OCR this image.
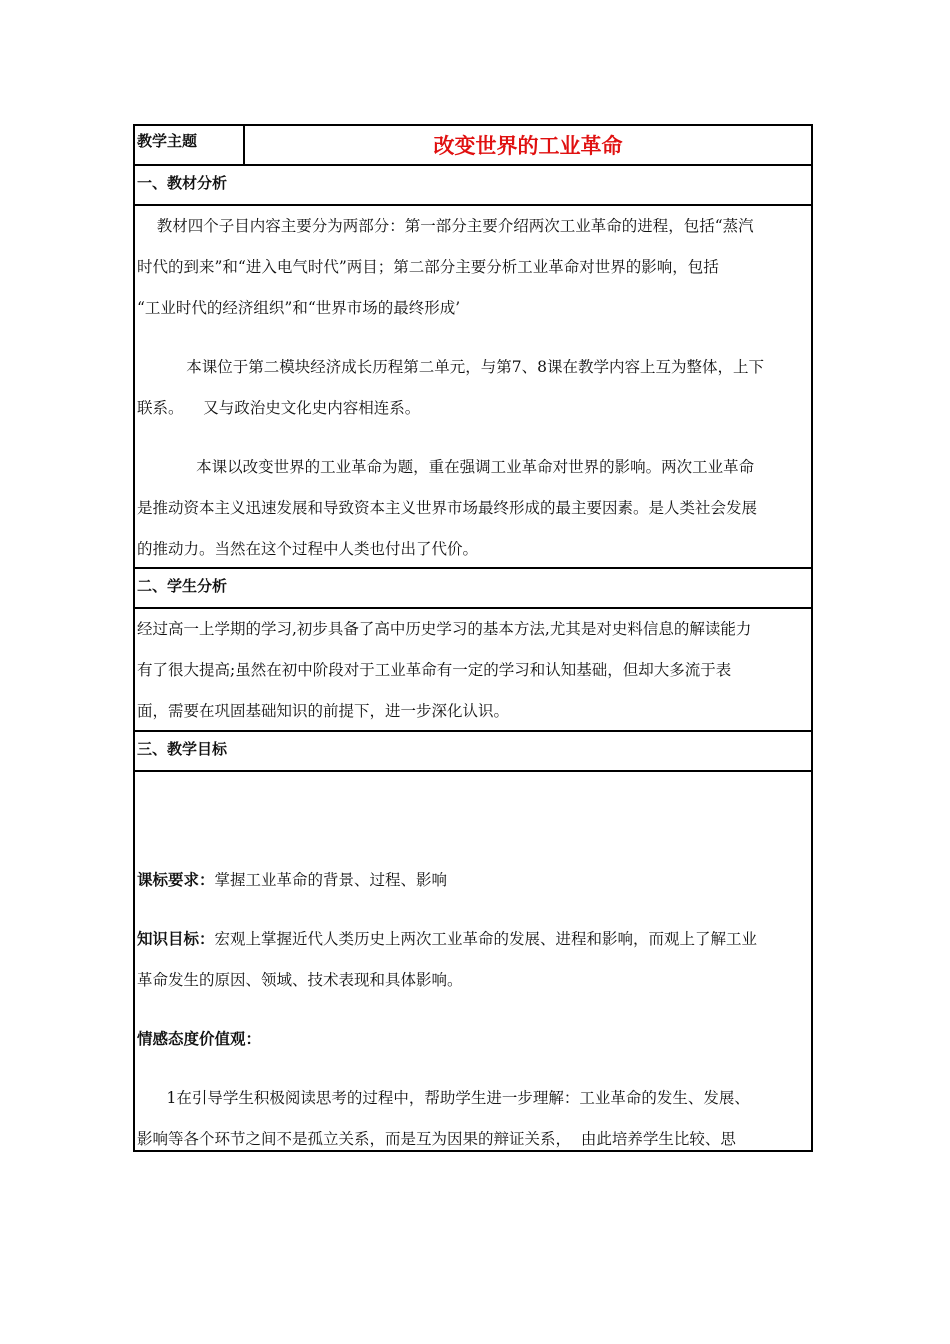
教学主题	改变世界的工业革命
一、教材分析

教材四个子目内容主要分为两部分：第一部分主要介绍两次工业革命的进程，包括“蒸汽

时代的到来”和“进入电气时代”两目；第二部分主要分析工业革命对世界的影响，包括

“工业时代的经济组织”和“世界市场的最终形成’

本课位于第二模块经济成长历程第二单元，与第7、8课在教学内容上互为整体，上下

联系。    又与政治史文化史内容相连系。

本课以改变世界的工业革命为题，重在强调工业革命对世界的影响。两次工业革命

是推动资本主义迅速发展和导致资本主义世界市场最终形成的最主要因素。是人类社会发展

的推动力。当然在这个过程中人类也付出了代价。

二、学生分析

经过高一上学期的学习,初步具备了高中历史学习的基本方法,尤其是对史料信息的解读能力

有了很大提高;虽然在初中阶段对于工业革命有一定的学习和认知基础，但却大多流于表

面，需要在巩固基础知识的前提下，进一步深化认识。

三、教学目标

课标要求：掌握工业革命的背景、过程、影响

知识目标：宏观上掌握近代人类历史上两次工业革命的发展、进程和影响，而观上了解工业

革命发生的原因、领域、技术表现和具体影响。

情感态度价值观：

1在引导学生积极阅读思考的过程中，帮助学生进一步理解：工业革命的发生、发展、

影响等各个环节之间不是孤立关系，而是互为因果的辩证关系，  由此培养学生比较、思
